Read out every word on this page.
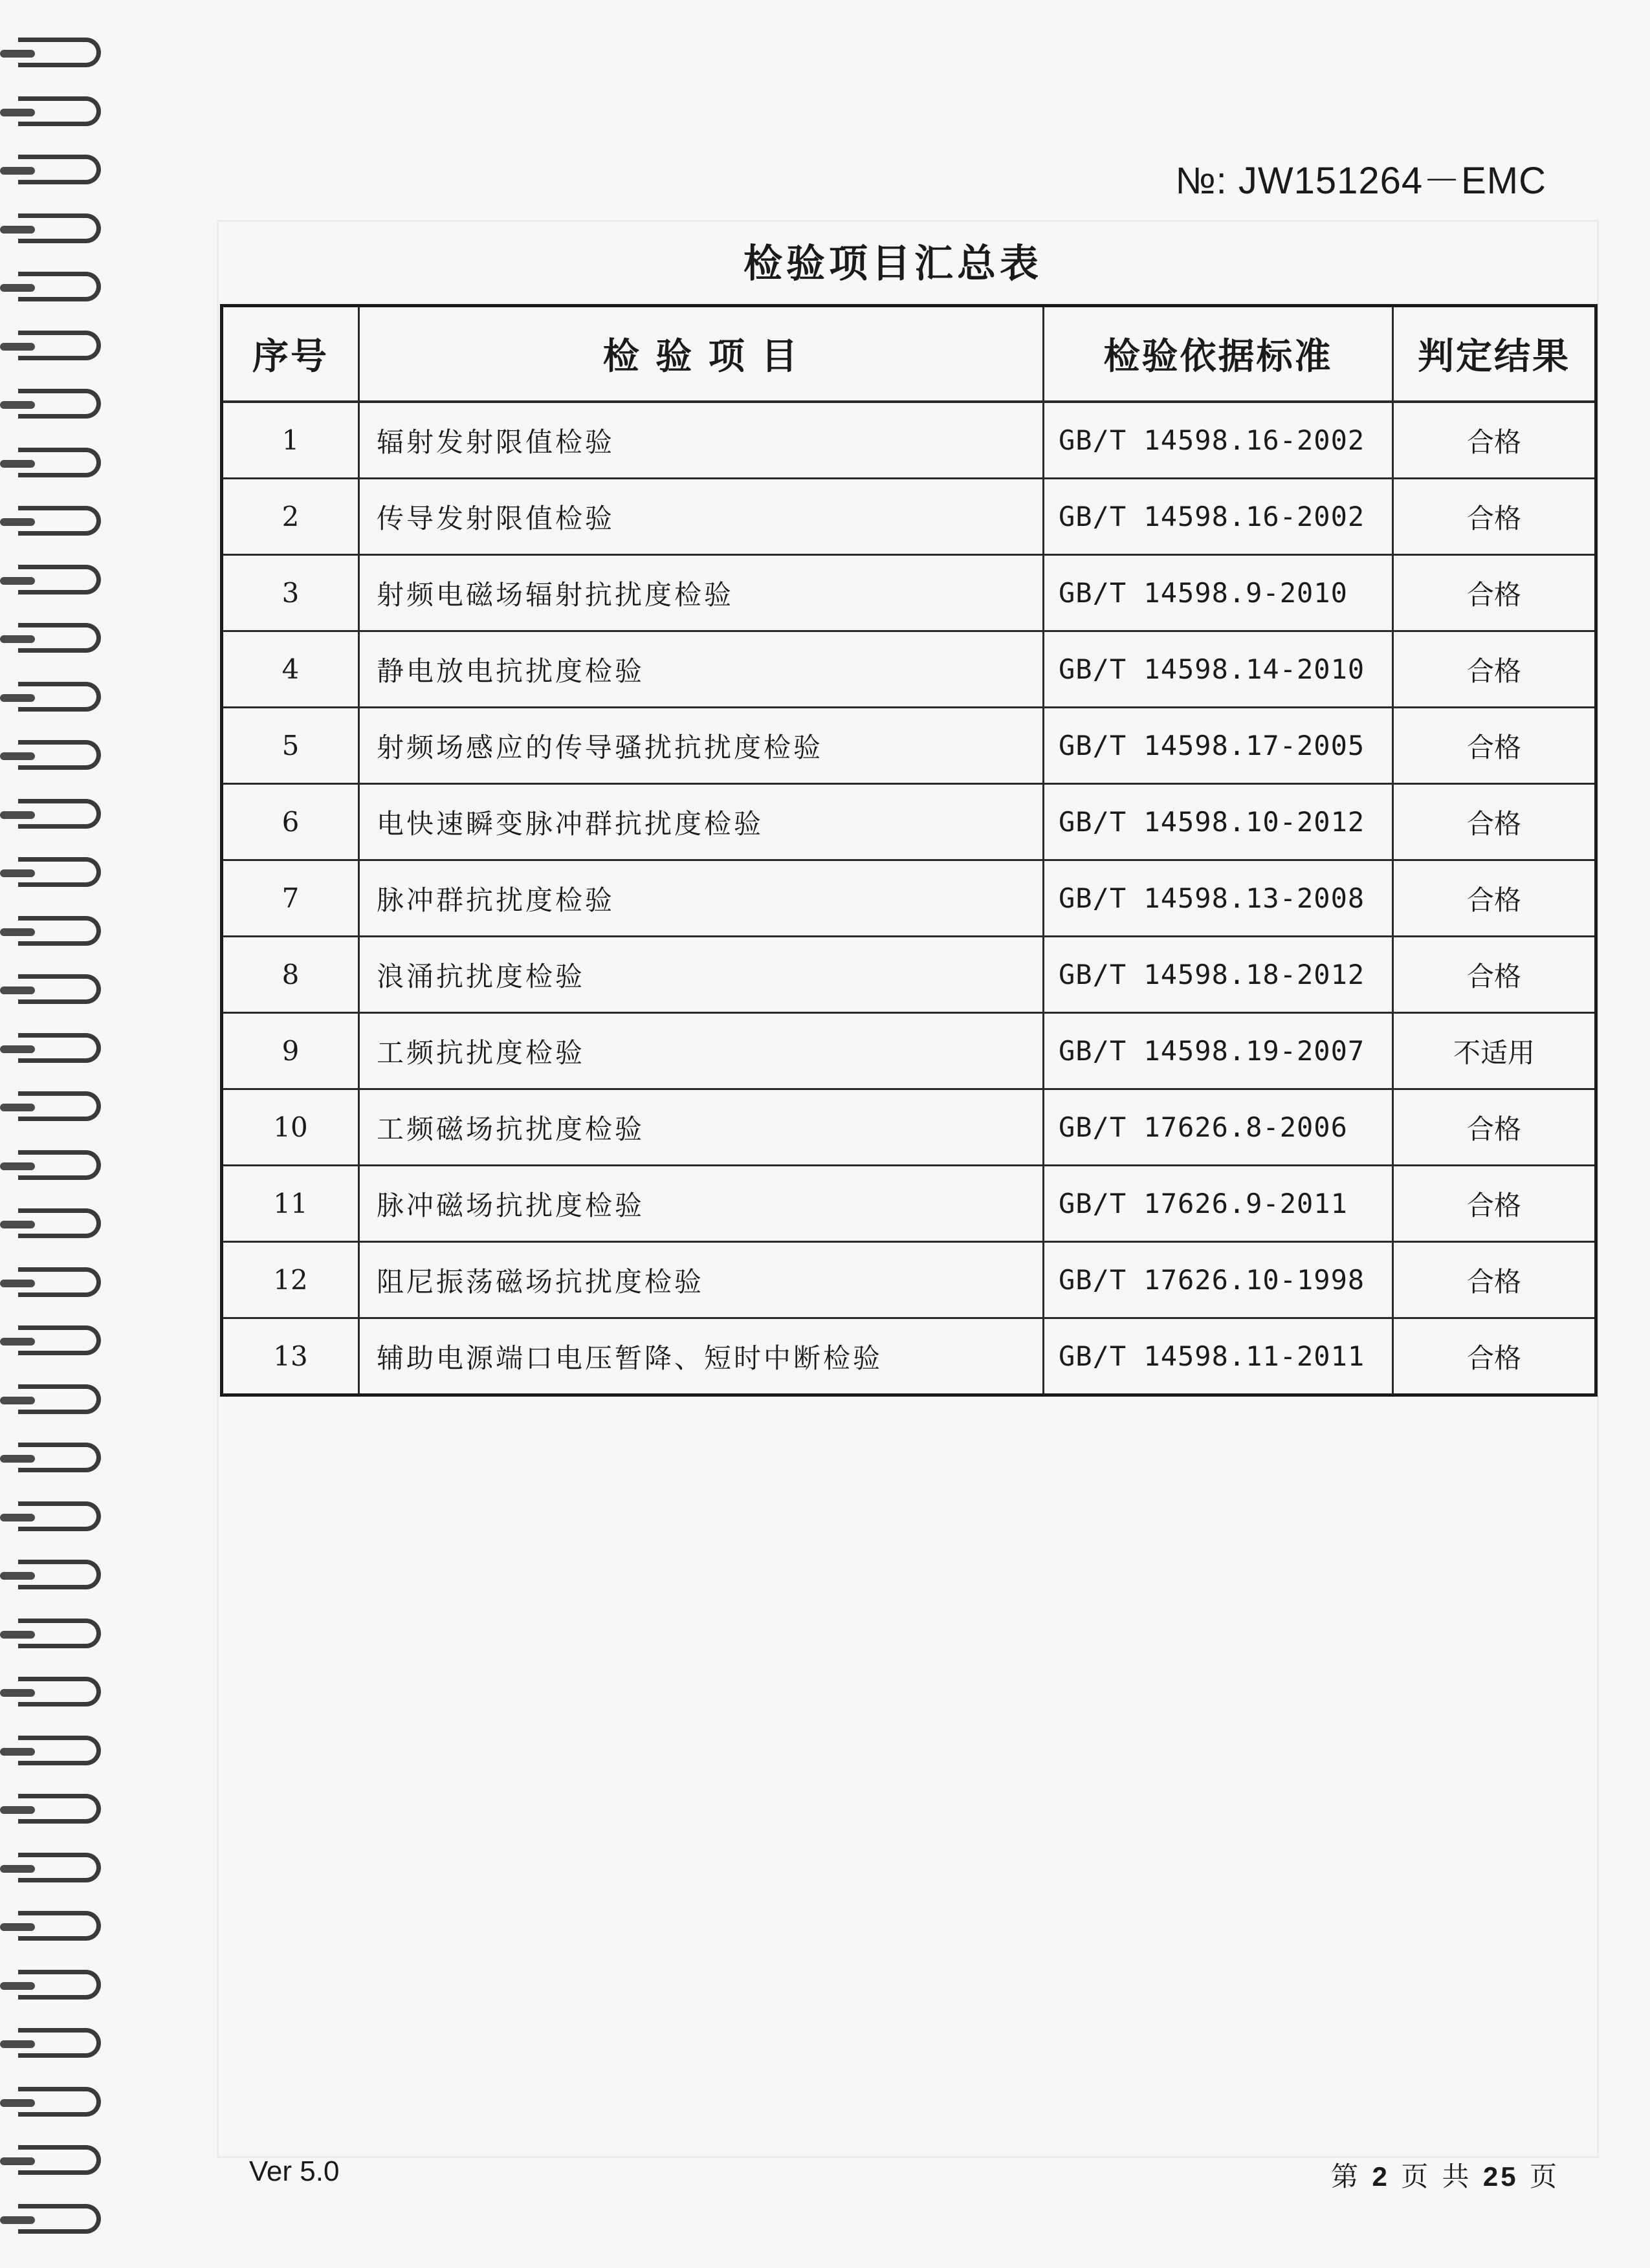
№: JW151264－EMC
检验项目汇总表
序号	检 验 项 目	检验依据标准	判定结果
1	辐射发射限值检验	GB/T 14598.16-2002	合格
2	传导发射限值检验	GB/T 14598.16-2002	合格
3	射频电磁场辐射抗扰度检验	GB/T 14598.9-2010	合格
4	静电放电抗扰度检验	GB/T 14598.14-2010	合格
5	射频场感应的传导骚扰抗扰度检验	GB/T 14598.17-2005	合格
6	电快速瞬变脉冲群抗扰度检验	GB/T 14598.10-2012	合格
7	脉冲群抗扰度检验	GB/T 14598.13-2008	合格
8	浪涌抗扰度检验	GB/T 14598.18-2012	合格
9	工频抗扰度检验	GB/T 14598.19-2007	不适用
10	工频磁场抗扰度检验	GB/T 17626.8-2006	合格
11	脉冲磁场抗扰度检验	GB/T 17626.9-2011	合格
12	阻尼振荡磁场抗扰度检验	GB/T 17626.10-1998	合格
13	辅助电源端口电压暂降、短时中断检验	GB/T 14598.11-2011	合格
Ver 5.0	第 2 页 共 25 页
